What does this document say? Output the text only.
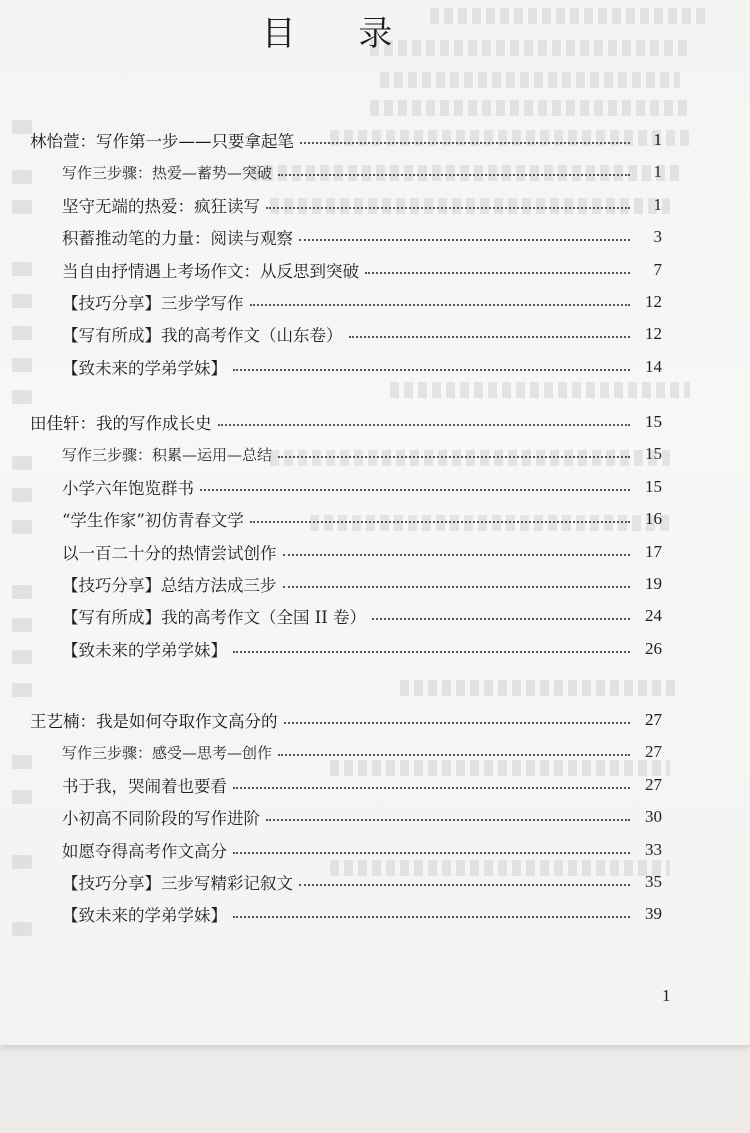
目 录
林怡萱：写作第一步——只要拿起笔	1
写作三步骤：热爱—蓄势—突破	1
坚守无端的热爱：疯狂读写	1
积蓄推动笔的力量：阅读与观察	3
当自由抒情遇上考场作文：从反思到突破	7
【技巧分享】三步学写作	12
【写有所成】我的高考作文（山东卷）	12
【致未来的学弟学妹】	14
田佳轩：我的写作成长史	15
写作三步骤：积累—运用—总结	15
小学六年饱览群书	15
“学生作家”初仿青春文学	16
以一百二十分的热情尝试创作	17
【技巧分享】总结方法成三步	19
【写有所成】我的高考作文（全国 II 卷）	24
【致未来的学弟学妹】	26
王艺楠：我是如何夺取作文高分的	27
写作三步骤：感受—思考—创作	27
书于我，哭闹着也要看	27
小初高不同阶段的写作进阶	30
如愿夺得高考作文高分	33
【技巧分享】三步写精彩记叙文	35
【致未来的学弟学妹】	39
1
